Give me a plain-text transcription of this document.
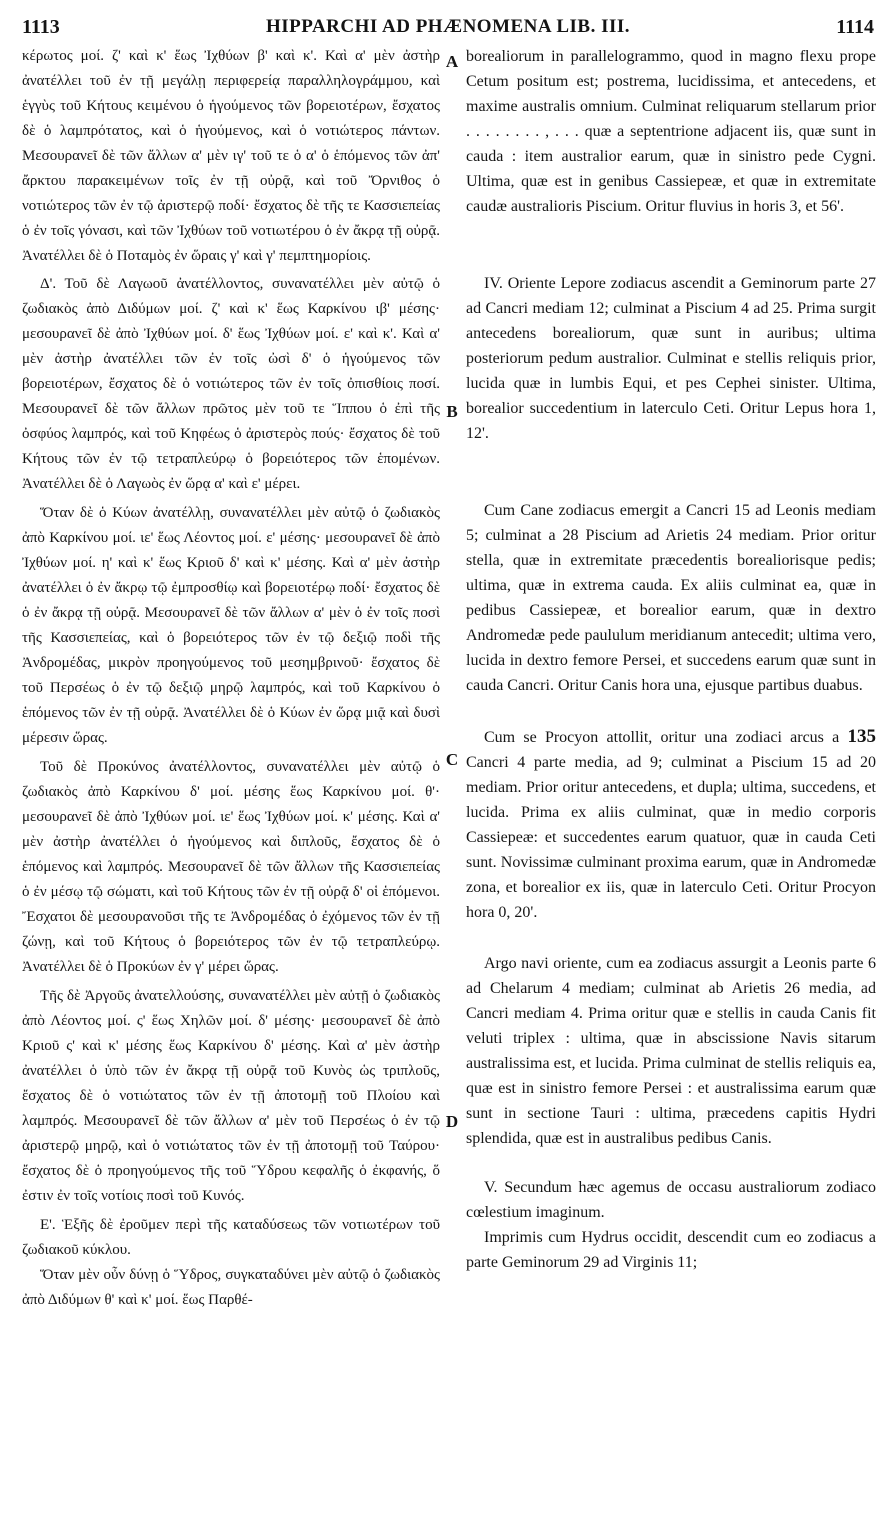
1113	HIPPARCHI AD PHÆNOMENA LIB. III.	1114

κέρωτος μοί. ζ' καὶ κ' ἕως Ἰχθύων β' καὶ κ'. Καὶ α' μὲν ἀστὴρ ἀνατέλλει τοῦ ἐν τῇ μεγάλῃ περιφερείᾳ παραλληλογράμμου, καὶ ἑγγὺς τοῦ Κήτους κειμένου ὁ ἡγούμενος τῶν βορειοτέρων, ἔσχατος δὲ ὁ λαμπρότατος, καὶ ὁ ἡγούμενος, καὶ ὁ νοτιώτερος πάντων. Μεσουρανεῖ δὲ τῶν ἄλλων α' μὲν ιγ' τοῦ τε ὁ α' ὁ ἑπόμενος τῶν ἀπ' ἄρκτου παρακειμένων τοῖς ἐν τῇ οὐρᾷ, καὶ τοῦ Ὄρνιθος ὁ νοτιώτερος τῶν ἐν τῷ ἀριστερῷ ποδί· ἔσχατος δὲ τῆς τε Κασσιεπείας ὁ ἐν τοῖς γόνασι, καὶ τῶν Ἰχθύων τοῦ νοτιωτέρου ὁ ἐν ἄκρᾳ τῇ οὐρᾷ. Ἀνατέλλει δὲ ὁ Ποταμὸς ἐν ὥραις γ' καὶ γ' πεμπτημορίοις.

Δ'. Τοῦ δὲ Λαγωοῦ ἀνατέλλοντος, συνανατέλλει μὲν αὐτῷ ὁ ζωδιακὸς ἀπὸ Διδύμων μοί. ζ' καὶ κ' ἕως Καρκίνου ιβ' μέσης· μεσουρανεῖ δὲ ἀπὸ Ἰχθύων μοί. δ' ἕως Ἰχθύων μοί. ε' καὶ κ'. Καὶ α' μὲν ἀστὴρ ἀνατέλλει τῶν ἐν τοῖς ὠσὶ δ' ὁ ἡγούμενος τῶν βορειοτέρων, ἔσχατος δὲ ὁ νοτιώτερος τῶν ἐν τοῖς ὀπισθίοις ποσί. Μεσουρανεῖ δὲ τῶν ἄλλων πρῶτος μὲν τοῦ τε Ἵππου ὁ ἐπὶ τῆς ὀσφύος λαμπρός, καὶ τοῦ Κηφέως ὁ ἀριστερὸς πούς· ἔσχατος δὲ τοῦ Κήτους τῶν ἐν τῷ τετραπλεύρῳ ὁ βορειότερος τῶν ἑπομένων. Ἀνατέλλει δὲ ὁ Λαγωὸς ἐν ὥρᾳ α' καὶ ε' μέρει.

Ὅταν δὲ ὁ Κύων ἀνατέλλῃ, συνανατέλλει μὲν αὐτῷ ὁ ζωδιακὸς ἀπὸ Καρκίνου μοί. ιε' ἕως Λέοντος μοί. ε' μέσης· μεσουρανεῖ δὲ ἀπὸ Ἰχθύων μοί. η' καὶ κ' ἕως Κριοῦ δ' καὶ κ' μέσης. Καὶ α' μὲν ἀστὴρ ἀνατέλλει ὁ ἐν ἄκρῳ τῷ ἐμπροσθίῳ καὶ βορειοτέρῳ ποδί· ἔσχατος δὲ ὁ ἐν ἄκρᾳ τῇ οὐρᾷ. Μεσουρανεῖ δὲ τῶν ἄλλων α' μὲν ὁ ἐν τοῖς ποσὶ τῆς Κασσιεπείας, καὶ ὁ βορειότερος τῶν ἐν τῷ δεξιῷ ποδὶ τῆς Ἀνδρομέδας, μικρὸν προηγούμενος τοῦ μεσημβρινοῦ· ἔσχατος δὲ τοῦ Περσέως ὁ ἐν τῷ δεξιῷ μηρῷ λαμπρός, καὶ τοῦ Καρκίνου ὁ ἑπόμενος τῶν ἐν τῇ οὐρᾷ. Ἀνατέλλει δὲ ὁ Κύων ἐν ὥρᾳ μιᾷ καὶ δυσὶ μέρεσιν ὥρας.

Τοῦ δὲ Προκύνος ἀνατέλλοντος, συνανατέλλει μὲν αὐτῷ ὁ ζωδιακὸς ἀπὸ Καρκίνου δ' μοί. μέσης ἕως Καρκίνου μοί. θ'· μεσουρανεῖ δὲ ἀπὸ Ἰχθύων μοί. ιε' ἕως Ἰχθύων μοί. κ' μέσης. Καὶ α' μὲν ἀστὴρ ἀνατέλλει ὁ ἡγούμενος καὶ διπλοῦς, ἔσχατος δὲ ὁ ἑπόμενος καὶ λαμπρός. Μεσουρανεῖ δὲ τῶν ἄλλων τῆς Κασσιεπείας ὁ ἐν μέσῳ τῷ σώματι, καὶ τοῦ Κήτους τῶν ἐν τῇ οὐρᾷ δ' οἱ ἑπόμενοι. Ἔσχατοι δὲ μεσουρανοῦσι τῆς τε Ἀνδρομέδας ὁ ἐχόμενος τῶν ἐν τῇ ζώνῃ, καὶ τοῦ Κήτους ὁ βορειότερος τῶν ἐν τῷ τετραπλεύρῳ. Ἀνατέλλει δὲ ὁ Προκύων ἐν γ' μέρει ὥρας.

Τῆς δὲ Ἀργοῦς ἀνατελλούσης, συνανατέλλει μὲν αὐτῇ ὁ ζωδιακὸς ἀπὸ Λέοντος μοί. ς' ἕως Χηλῶν μοί. δ' μέσης· μεσουρανεῖ δὲ ἀπὸ Κριοῦ ς' καὶ κ' μέσης ἕως Καρκίνου δ' μέσης. Καὶ α' μὲν ἀστὴρ ἀνατέλλει ὁ ὑπὸ τῶν ἐν ἄκρᾳ τῇ οὐρᾷ τοῦ Κυνὸς ὡς τριπλοῦς, ἔσχατος δὲ ὁ νοτιώτατος τῶν ἐν τῇ ἀποτομῇ τοῦ Πλοίου καὶ λαμπρός. Μεσουρανεῖ δὲ τῶν ἄλλων α' μὲν τοῦ Περσέως ὁ ἐν τῷ ἀριστερῷ μηρῷ, καὶ ὁ νοτιώτατος τῶν ἐν τῇ ἀποτομῇ τοῦ Ταύρου· ἔσχατος δὲ ὁ προηγούμενος τῆς τοῦ Ὕδρου κεφαλῆς ὁ ἐκφανής, ὅ ἐστιν ἐν τοῖς νοτίοις ποσὶ τοῦ Κυνός.

Ε'. Ἑξῆς δὲ ἐροῦμεν περὶ τῆς καταδύσεως τῶν νοτιωτέρων τοῦ ζωδιακοῦ κύκλου.

Ὅταν μὲν οὖν δύνῃ ὁ Ὕδρος, συγκαταδύνει μὲν αὐτῷ ὁ ζωδιακὸς ἀπὸ Διδύμων θ' καὶ κ' μοί. ἕως Παρθέ-

A
B
C
D

borealiorum in parallelogrammo, quod in magno flexu prope Cetum positum est; postrema, lucidissima, et antecedens, et maxime australis omnium. Culminat reliquarum stellarum prior . . . . . . . . , . . . quæ a septentrione adjacent iis, quæ sunt in cauda : item australior earum, quæ in sinistro pede Cygni. Ultima, quæ est in genibus Cassiepeæ, et quæ in extremitate caudæ australioris Piscium. Oritur fluvius in horis 3, et 56'.

IV. Oriente Lepore zodiacus ascendit a Geminorum parte 27 ad Cancri mediam 12; culminat a Piscium 4 ad 25. Prima surgit antecedens borealiorum, quæ sunt in auribus; ultima posteriorum pedum australior. Culminat e stellis reliquis prior, lucida quæ in lumbis Equi, et pes Cephei sinister. Ultima, borealior succedentium in laterculo Ceti. Oritur Lepus hora 1, 12'.

Cum Cane zodiacus emergit a Cancri 15 ad Leonis mediam 5; culminat a 28 Piscium ad Arietis 24 mediam. Prior oritur stella, quæ in extremitate præcedentis borealiorisque pedis; ultima, quæ in extrema cauda. Ex aliis culminat ea, quæ in pedibus Cassiepeæ, et borealior earum, quæ in dextro Andromedæ pede paululum meridianum antecedit; ultima vero, lucida in dextro femore Persei, et succedens earum quæ sunt in cauda Cancri. Oritur Canis hora una, ejusque partibus duabus.

Cum se Procyon attollit, oritur una zodiaci arcus a 135 Cancri 4 parte media, ad 9; culminat a Piscium 15 ad 20 mediam. Prior oritur antecedens, et dupla; ultima, succedens, et lucida. Prima ex aliis culminat, quæ in medio corporis Cassiepeæ: et succedentes earum quatuor, quæ in cauda Ceti sunt. Novissimæ culminant proxima earum, quæ in Andromedæ zona, et borealior ex iis, quæ in laterculo Ceti. Oritur Procyon hora 0, 20'.

Argo navi oriente, cum ea zodiacus assurgit a Leonis parte 6 ad Chelarum 4 mediam; culminat ab Arietis 26 media, ad Cancri mediam 4. Prima oritur quæ e stellis in cauda Canis fit veluti triplex : ultima, quæ in abscissione Navis sitarum australissima est, et lucida. Prima culminat de stellis reliquis ea, quæ est in sinistro femore Persei : et australissima earum quæ sunt in sectione Tauri : ultima, præcedens capitis Hydri splendida, quæ est in australibus pedibus Canis.

V. Secundum hæc agemus de occasu australiorum zodiaco cœlestium imaginum.

Imprimis cum Hydrus occidit, descendit cum eo zodiacus a parte Geminorum 29 ad Virginis 11;
